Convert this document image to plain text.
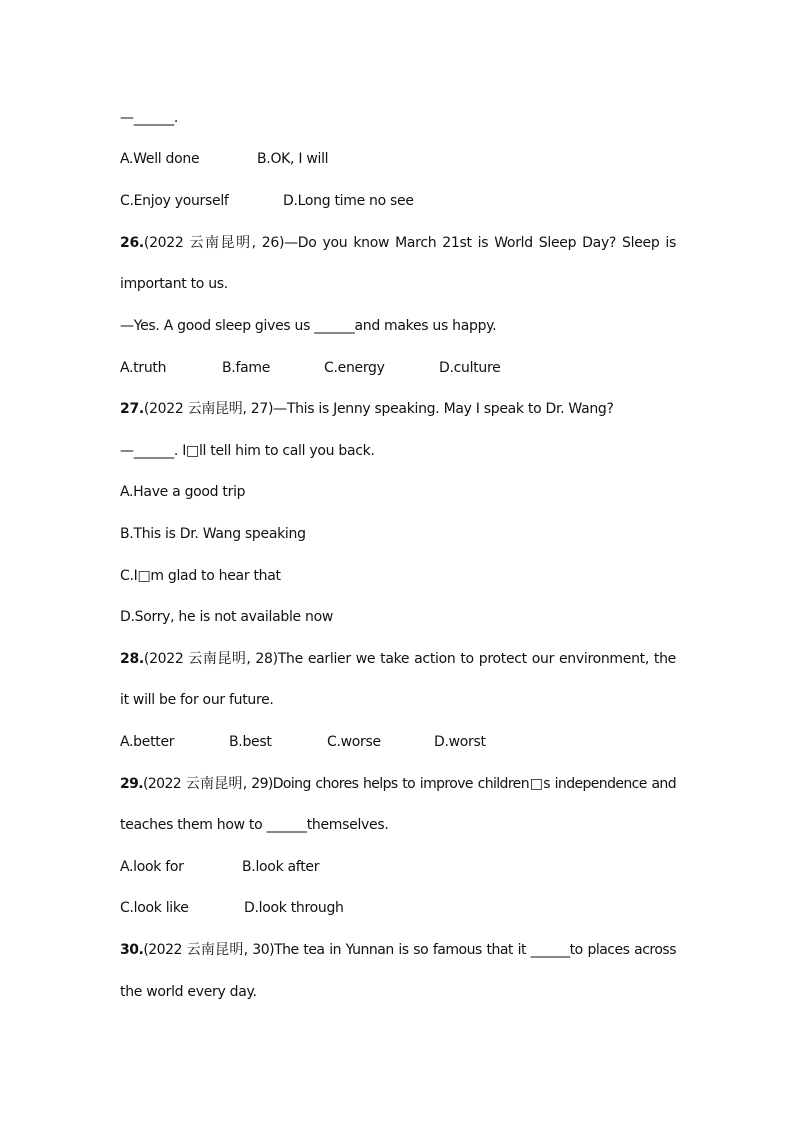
—______.

A.Well done

	B.OK, I will

C.Enjoy yourself

	D.Long time no see

26.(2022 云南昆明, 26)—Do you know March 21st is World Sleep Day? Sleep is
important to us.
—Yes. A good sleep gives us ______and makes us happy.

A.truth

	B.fame

	C.energy

	D.culture

27.(2022 云南昆明, 27)—This is Jenny speaking. May I speak to Dr. Wang?
—______. I□ll tell him to call you back.
A.Have a good trip
B.This is Dr. Wang speaking
C.I□m glad to hear that
D.Sorry, he is not available now
28.(2022 云南昆明, 28)The earlier we take action to protect our environment, the
it will be for our future.

A.better

	B.best

	C.worse

	D.worst

29.(2022 云南昆明, 29)Doing chores helps to improve children□s independence and
teaches them how to ______themselves.

A.look for

	B.look after

C.look like

	D.look through

30.(2022 云南昆明, 30)The tea in Yunnan is so famous that it ______to places across
the world every day.
